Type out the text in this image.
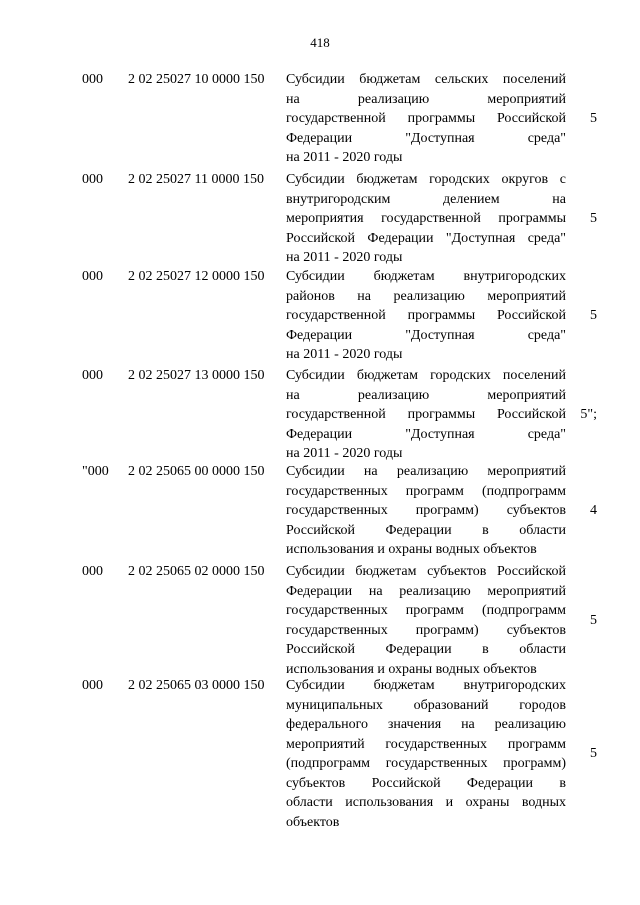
418
000 2 02 25027 10 0000 150 Субсидии бюджетам сельских поселений
на реализацию мероприятий
государственной программы Российской
Федерации "Доступная среда"
на 2011 - 2020 годы
5
000 2 02 25027 11 0000 150 Субсидии бюджетам городских округов с
внутригородским делением на
мероприятия государственной программы
Российской Федерации "Доступная среда"
на 2011 - 2020 годы
5
000 2 02 25027 12 0000 150 Субсидии бюджетам внутригородских
районов на реализацию мероприятий
государственной программы Российской
Федерации "Доступная среда"
на 2011 - 2020 годы
5
000 2 02 25027 13 0000 150 Субсидии бюджетам городских поселений
на реализацию мероприятий
государственной программы Российской
Федерации "Доступная среда"
на 2011 - 2020 годы
5";
"000 2 02 25065 00 0000 150 Субсидии на реализацию мероприятий
государственных программ (подпрограмм
государственных программ) субъектов
Российской Федерации в области
использования и охраны водных объектов
4
000 2 02 25065 02 0000 150 Субсидии бюджетам субъектов Российской
Федерации на реализацию мероприятий
государственных программ (подпрограмм
государственных программ) субъектов
Российской Федерации в области
использования и охраны водных объектов
5
000 2 02 25065 03 0000 150 Субсидии бюджетам внутригородских
муниципальных образований городов
федерального значения на реализацию
мероприятий государственных программ
(подпрограмм государственных программ)
субъектов Российской Федерации в
области использования и охраны водных
объектов
5
